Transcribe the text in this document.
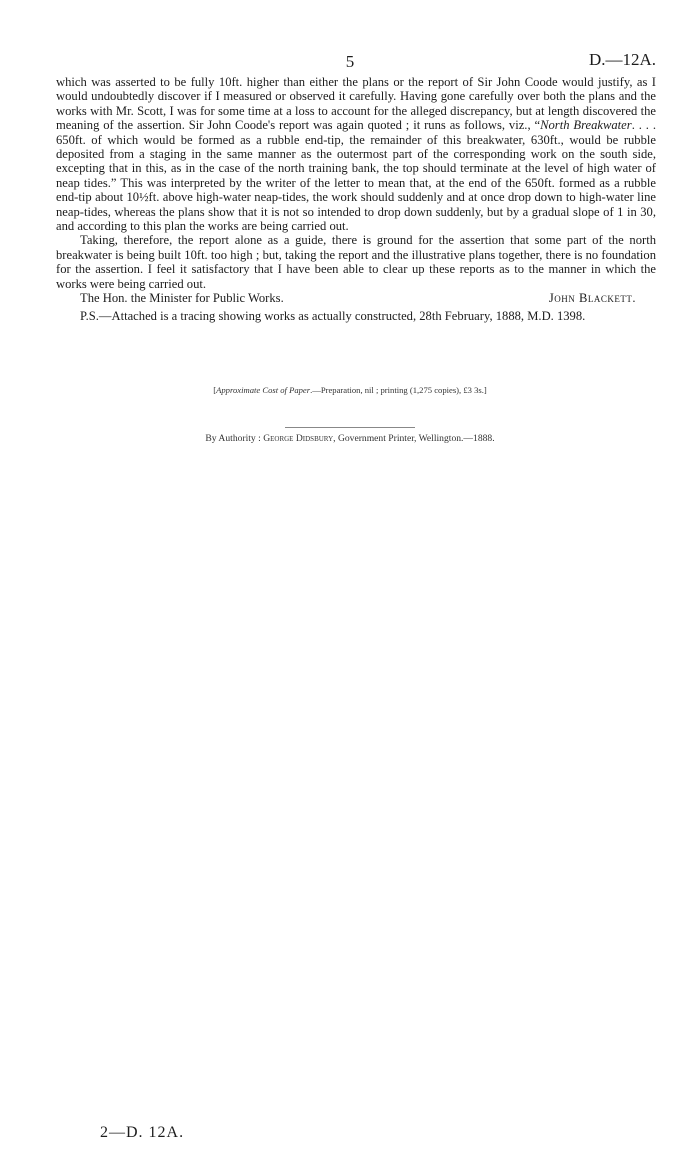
5	D.—12A.

which was asserted to be fully 10ft. higher than either the plans or the report of Sir John Coode would justify, as I would undoubtedly discover if I measured or observed it carefully. Having gone carefully over both the plans and the works with Mr. Scott, I was for some time at a loss to account for the alleged discrepancy, but at length discovered the meaning of the assertion. Sir John Coode's report was again quoted ; it runs as follows, viz., “North Breakwater. . . . 650ft. of which would be formed as a rubble end-tip, the remainder of this breakwater, 630ft., would be rubble deposited from a staging in the same manner as the outermost part of the corresponding work on the south side, excepting that in this, as in the case of the north training bank, the top should terminate at the level of high water of neap tides.” This was interpreted by the writer of the letter to mean that, at the end of the 650ft. formed as a rubble end-tip about 10½ft. above high-water neap-tides, the work should suddenly and at once drop down to high-water line neap-tides, whereas the plans show that it is not so intended to drop down suddenly, but by a gradual slope of 1 in 30, and according to this plan the works are being carried out.

Taking, therefore, the report alone as a guide, there is ground for the assertion that some part of the north breakwater is being built 10ft. too high ; but, taking the report and the illustrative plans together, there is no foundation for the assertion. I feel it satisfactory that I have been able to clear up these reports as to the manner in which the works were being carried out.

The Hon. the Minister for Public Works.	John Blackett.

P.S.—Attached is a tracing showing works as actually constructed, 28th February, 1888, M.D. 1398.

[Approximate Cost of Paper.—Preparation, nil ; printing (1,275 copies), £3 3s.]
By Authority : George Didsbury, Government Printer, Wellington.—1888.
2—D. 12A.
